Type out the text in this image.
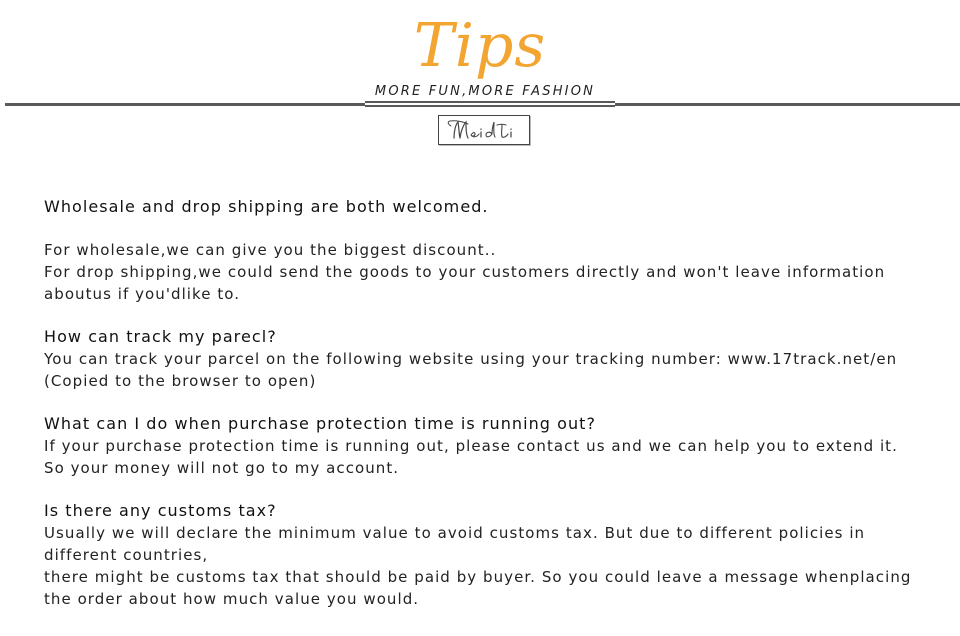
Tips
MORE FUN,MORE FASHION

Wholesale and drop shipping are both welcomed.

For wholesale,we can give you the biggest discount..

For drop shipping,we could send the goods to your customers directly and won't leave information

aboutus if you'dlike to.

How can track my parecl?

You can track your parcel on the following website using your tracking number: www.17track.net/en

(Copied to the browser to open)

What can I do when purchase protection time is running out?

If your purchase protection time is running out, please contact us and we can help you to extend it.

So your money will not go to my account.

Is there any customs tax?

Usually we will declare the minimum value to avoid customs tax. But due to different policies in

different countries,

there might be customs tax that should be paid by buyer. So you could leave a message whenplacing

the order about how much value you would.
